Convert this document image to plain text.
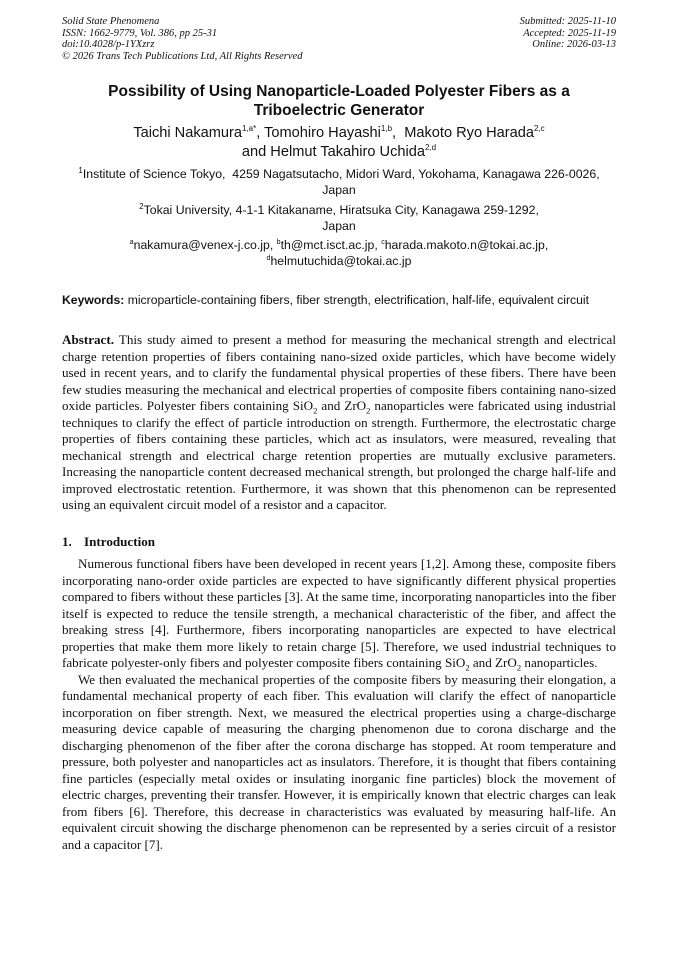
Solid State Phenomena
ISSN: 1662-9779, Vol. 386, pp 25-31
doi:10.4028/p-1YXzrz
© 2026 Trans Tech Publications Ltd, All Rights Reserved
Submitted: 2025-11-10
Accepted: 2025-11-19
Online: 2026-03-13
Possibility of Using Nanoparticle-Loaded Polyester Fibers as a
Triboelectric Generator
Taichi Nakamura$^{1,a*}$, Tomohiro Hayashi$^{1,b}$,  Makoto Ryo Harada$^{2,c}$
and Helmut Takahiro Uchida$^{2,d}$
$^1$Institute of Science Tokyo,  4259 Nagatsutacho, Midori Ward, Yokohama, Kanagawa 226-0026,
Japan
$^2$Tokai University, 4-1-1 Kitakaname, Hiratsuka City, Kanagawa 259-1292,
Japan
$^a$nakamura@venex-j.co.jp, $^b$th@mct.isct.ac.jp, $^c$harada.makoto.n@tokai.ac.jp,
$^d$helmutuchida@tokai.ac.jp
Keywords: microparticle-containing fibers, fiber strength, electrification, half-life, equivalent circuit

Abstract. This study aimed to present a method for measuring the mechanical strength and electrical charge retention properties of fibers containing nano-sized oxide particles, which have become widely used in recent years, and to clarify the fundamental physical properties of these fibers. There have been few studies measuring the mechanical and electrical properties of composite fibers containing nano-sized oxide particles. Polyester fibers containing SiO$_2$ and ZrO$_2$ nanoparticles were fabricated using industrial techniques to clarify the effect of particle introduction on strength. Furthermore, the electrostatic charge properties of fibers containing these particles, which act as insulators, were measured, revealing that mechanical strength and electrical charge retention properties are mutually exclusive parameters. Increasing the nanoparticle content decreased mechanical strength, but prolonged the charge half-life and improved electrostatic retention. Furthermore, it was shown that this phenomenon can be represented using an equivalent circuit model of a resistor and a capacitor.

1. Introduction

Numerous functional fibers have been developed in recent years [1,2]. Among these, composite fibers incorporating nano-order oxide particles are expected to have significantly different physical properties compared to fibers without these particles [3]. At the same time, incorporating nanoparticles into the fiber itself is expected to reduce the tensile strength, a mechanical characteristic of the fiber, and affect the breaking stress [4]. Furthermore, fibers incorporating nanoparticles are expected to have electrical properties that make them more likely to retain charge [5]. Therefore, we used industrial techniques to fabricate polyester-only fibers and polyester composite fibers containing SiO$_2$ and ZrO$_2$ nanoparticles.

We then evaluated the mechanical properties of the composite fibers by measuring their elongation, a fundamental mechanical property of each fiber. This evaluation will clarify the effect of nanoparticle incorporation on fiber strength. Next, we measured the electrical properties using a charge-discharge measuring device capable of measuring the charging phenomenon due to corona discharge and the discharging phenomenon of the fiber after the corona discharge has stopped. At room temperature and pressure, both polyester and nanoparticles act as insulators. Therefore, it is thought that fibers containing fine particles (especially metal oxides or insulating inorganic fine particles) block the movement of electric charges, preventing their transfer. However, it is empirically known that electric charges can leak from fibers [6]. Therefore, this decrease in characteristics was evaluated by measuring half-life. An equivalent circuit showing the discharge phenomenon can be represented by a series circuit of a resistor and a capacitor [7].
